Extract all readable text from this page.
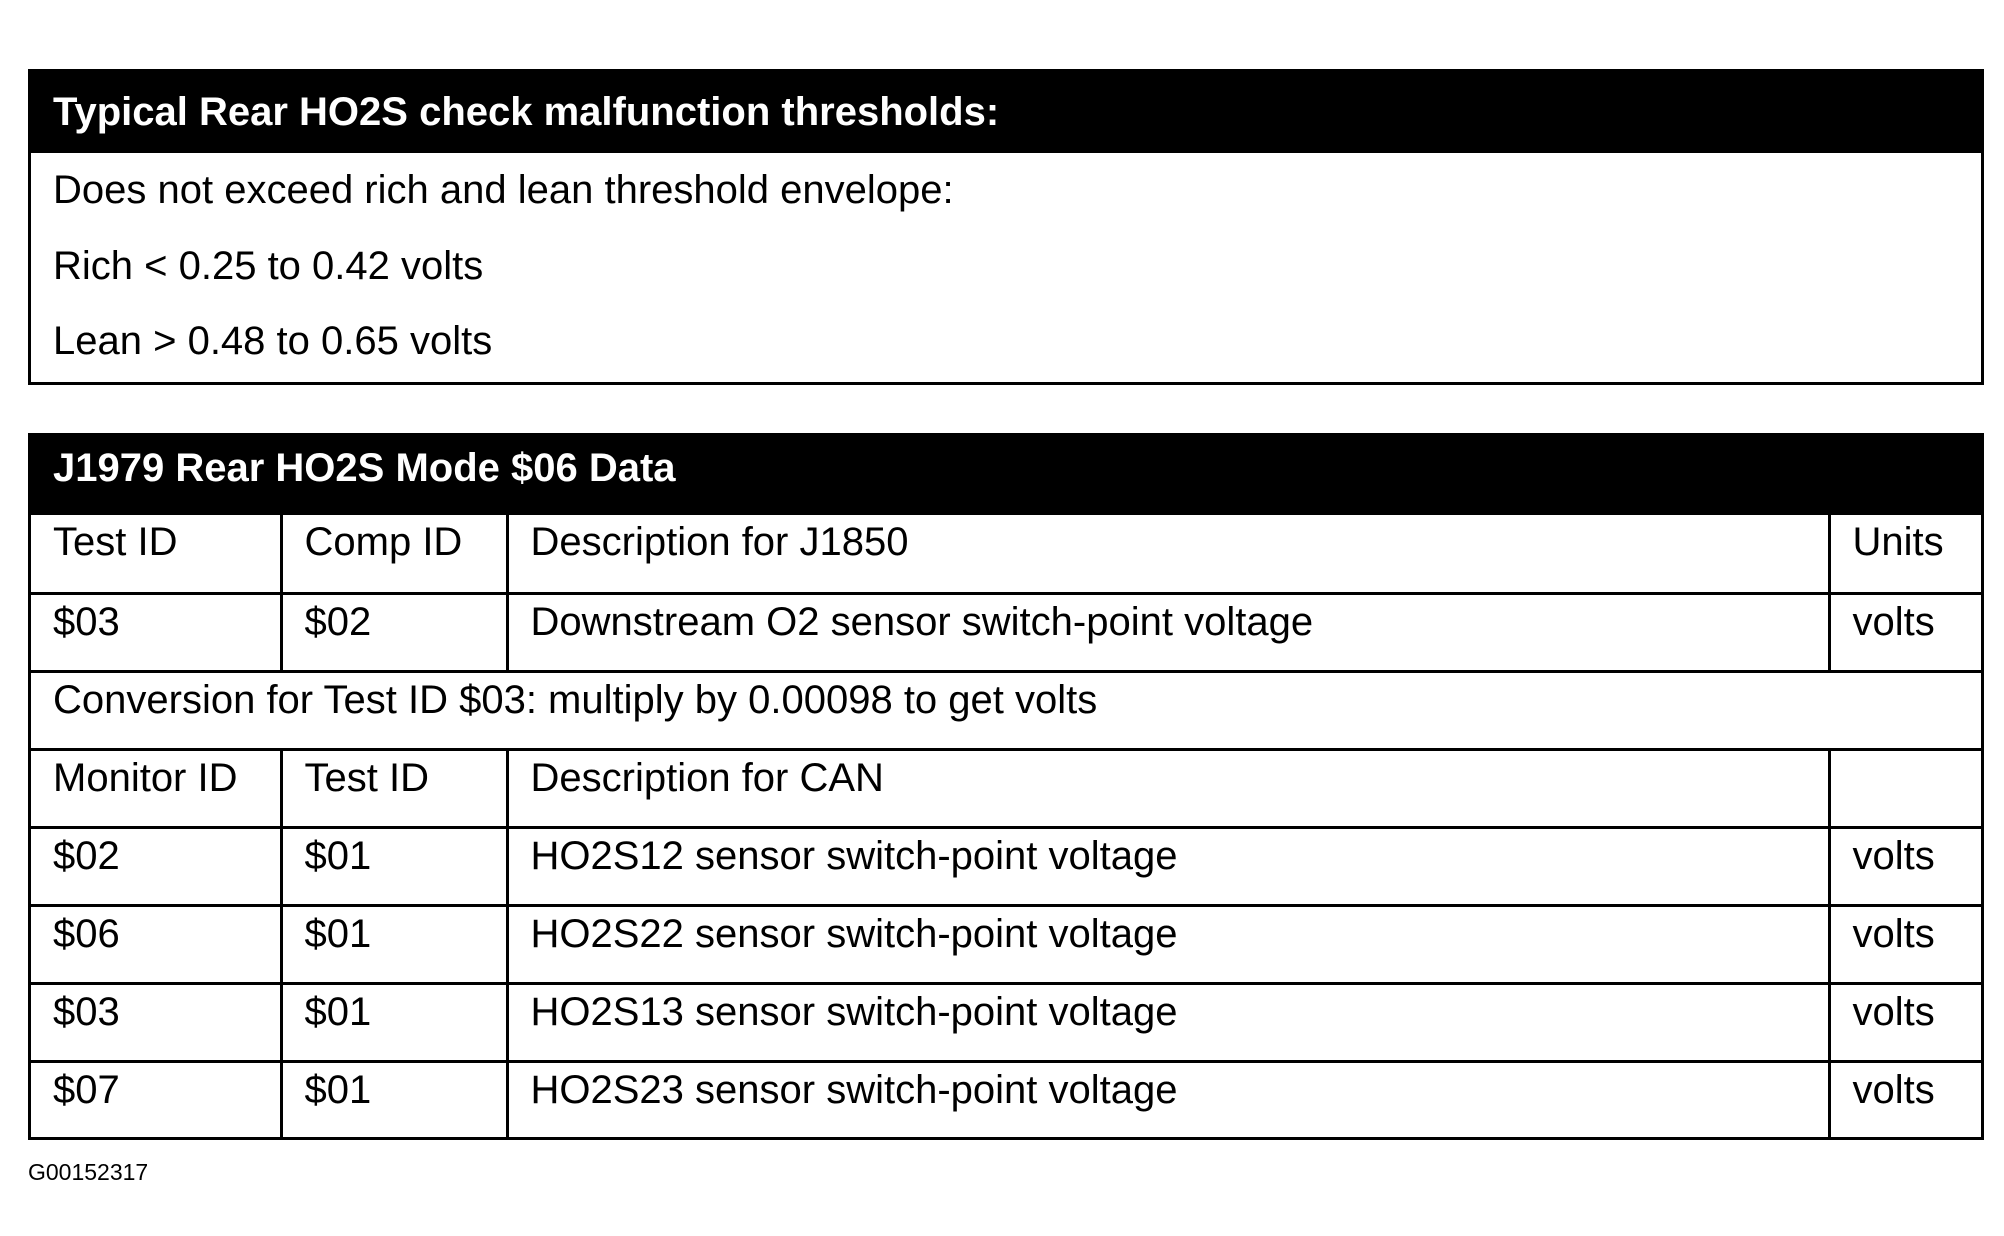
Typical Rear HO2S check malfunction thresholds:
Does not exceed rich and lean threshold envelope:
Rich < 0.25 to 0.42 volts
Lean > 0.48 to 0.65 volts
J1979 Rear HO2S Mode $06 Data
Test ID	Comp ID	Description for J1850	Units
$03	$02	Downstream O2 sensor switch-point voltage	volts
Conversion for Test ID $03: multiply by 0.00098 to get volts			
Monitor ID	Test ID	Description for CAN	
$02	$01	HO2S12 sensor switch-point voltage	volts
$06	$01	HO2S22 sensor switch-point voltage	volts
$03	$01	HO2S13 sensor switch-point voltage	volts
$07	$01	HO2S23 sensor switch-point voltage	volts
G00152317
